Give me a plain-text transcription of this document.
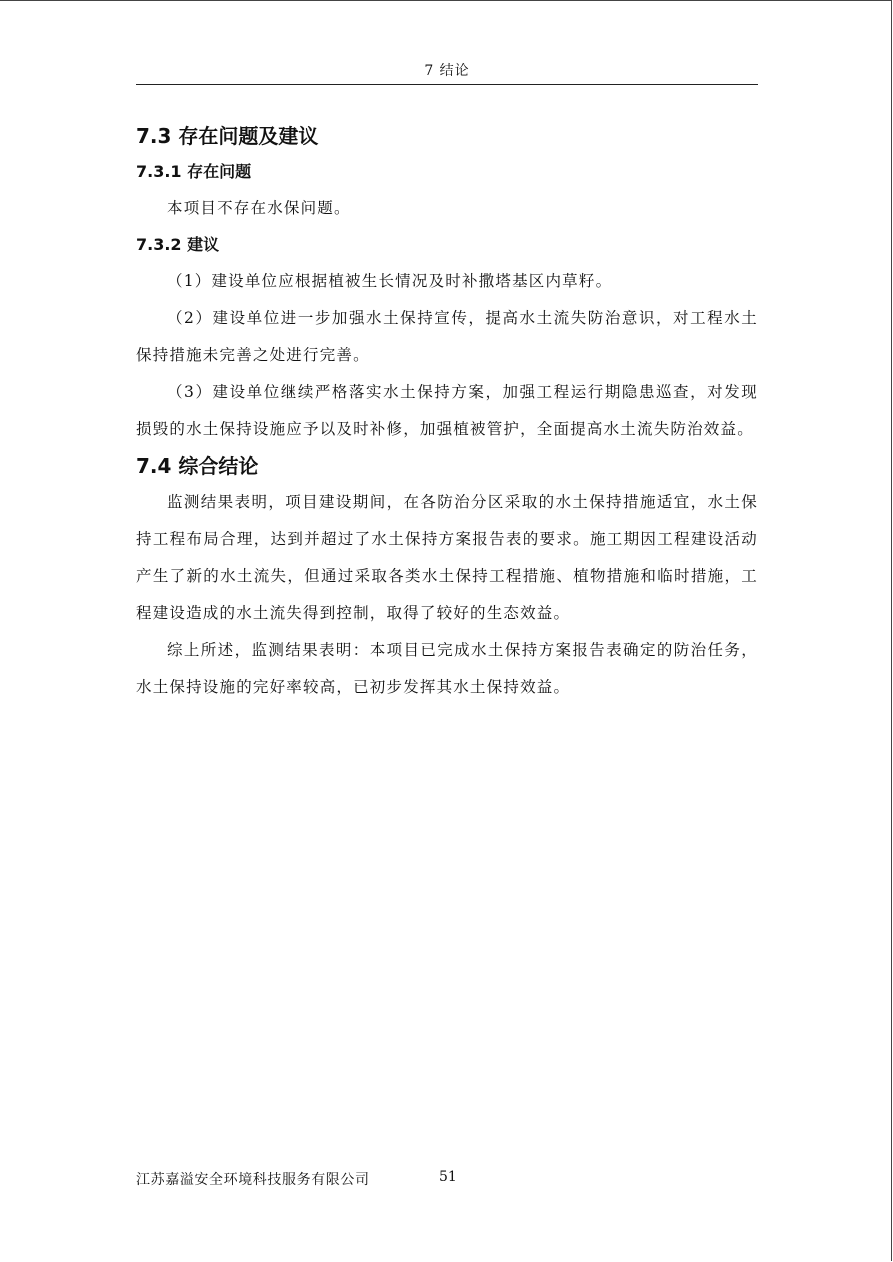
7 结论
7.3 存在问题及建议
7.3.1 存在问题

本项目不存在水保问题。

7.3.2 建议

（1）建设单位应根据植被生长情况及时补撒塔基区内草籽。

（2）建设单位进一步加强水土保持宣传，提高水土流失防治意识，对工程水土保持措施未完善之处进行完善。

（3）建设单位继续严格落实水土保持方案，加强工程运行期隐患巡查，对发现损毁的水土保持设施应予以及时补修，加强植被管护，全面提高水土流失防治效益。

7.4 综合结论

监测结果表明，项目建设期间，在各防治分区采取的水土保持措施适宜，水土保持工程布局合理，达到并超过了水土保持方案报告表的要求。施工期因工程建设活动产生了新的水土流失，但通过采取各类水土保持工程措施、植物措施和临时措施，工程建设造成的水土流失得到控制，取得了较好的生态效益。

综上所述，监测结果表明：本项目已完成水土保持方案报告表确定的防治任务，水土保持设施的完好率较高，已初步发挥其水土保持效益。

江苏嘉溢安全环境科技服务有限公司	51
